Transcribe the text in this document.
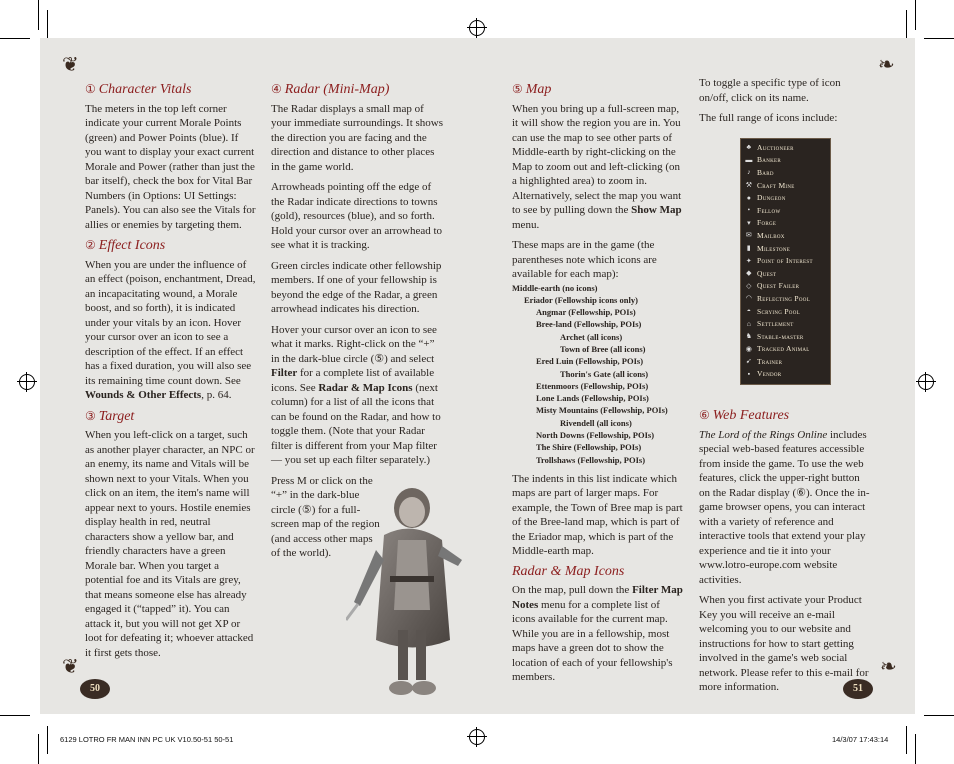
❦	❧
❦	❧
① Character Vitals

The meters in the top left corner indicate your current Morale Points (green) and Power Points (blue). If you want to display your exact current Morale and Power (rather than just the bar itself), check the box for Vital Bar Numbers (in Options: UI Settings: Panels). You can also see the Vitals for allies or enemies by targeting them.

② Effect Icons

When you are under the influence of an effect (poison, enchantment, Dread, an incapacitating wound, a Morale boost, and so forth), it is indicated under your vitals by an icon. Hover your cursor over an icon to see a description of the effect. If an effect has a fixed duration, you will also see its remaining time count down. See Wounds & Other Effects, p. 64.

③ Target

When you left-click on a target, such as another player character, an NPC or an enemy, its name and Vitals will be shown next to your Vitals. When you click on an item, the item's name will appear next to yours. Hostile enemies display health in red, neutral characters show a yellow bar, and friendly characters have a green Morale bar. When you target a potential foe and its Vitals are grey, that means someone else has already engaged it (“tapped” it). You can attack it, but you will not get XP or loot for defeating it; whoever attacked it first gets those.

④ Radar (Mini-Map)

The Radar displays a small map of your immediate surroundings. It shows the direction you are facing and the direction and distance to other places in the game world.

Arrowheads pointing off the edge of the Radar indicate directions to towns (gold), resources (blue), and so forth. Hold your cursor over an arrowhead to see what it is tracking.

Green circles indicate other fellowship members. If one of your fellowship is beyond the edge of the Radar, a green arrowhead indicates his direction.

Hover your cursor over an icon to see what it marks. Right-click on the “+” in the dark-blue circle (⑤) and select Filter for a complete list of available icons. See Radar & Map Icons (next column) for a list of all the icons that can be found on the Radar, and how to toggle them. (Note that your Radar filter is different from your Map filter — you set up each filter separately.)

Press M or click on the “+” in the dark-blue circle (⑤) for a full-screen map of the region (and access other maps of the world).

⑤ Map

When you bring up a full-screen map, it will show the region you are in. You can use the map to see other parts of Middle-earth by right-clicking on the Map to zoom out and left-clicking (on a highlighted area) to zoom in. Alternatively, select the map you want to see by pulling down the Show Map menu.

These maps are in the game (the parentheses note which icons are available for each map):

Middle-earth (no icons)
Eriador (Fellowship icons only)
Angmar (Fellowship, POIs)
Bree-land (Fellowship, POIs)
Archet (all icons)
Town of Bree (all icons)
Ered Luin (Fellowship, POIs)
Thorin's Gate (all icons)
Ettenmoors (Fellowship, POIs)
Lone Lands (Fellowship, POIs)
Misty Mountains (Fellowship, POIs)
Rivendell (all icons)
North Downs (Fellowship, POIs)
The Shire (Fellowship, POIs)
Trollshaws (Fellowship, POIs)

The indents in this list indicate which maps are part of larger maps. For example, the Town of Bree map is part of the Bree-land map, which is part of the Eriador map, which is part of the Middle-earth map.

Radar & Map Icons

On the map, pull down the Filter Map Notes menu for a complete list of icons available for the current map. While you are in a fellowship, most maps have a green dot to show the location of each of your fellowship's members.

To toggle a specific type of icon on/off, click on its name.

The full range of icons include:

♣ Auctioneer
▬ Banker
♪ Bard
⚒ Craft Mine
● Dungeon
• Fellow
▾ Forge
✉ Mailbox
▮ Milestone
✦ Point of Interest
◆ Quest
◇ Quest Failer
◠ Reflecting Pool
◓ Scrying Pool
⌂ Settlement
♞ Stable-master
◉ Tracked Animal
➹ Trainer
▪ Vendor
⑥ Web Features

The Lord of the Rings Online includes special web-based features accessible from inside the game. To use the web features, click the upper-right button on the Radar display (⑥). Once the in-game browser opens, you can interact with a variety of reference and interactive tools that extend your play experience and tie it into your www.lotro-europe.com website activities.

When you first activate your Product Key you will receive an e-mail welcoming you to our website and instructions for how to start getting involved in the game's web social network. Please refer to this e-mail for more information.

50	51
6129 LOTRO FR MAN INN PC UK V10.50-51 50-51	14/3/07 17:43:14
